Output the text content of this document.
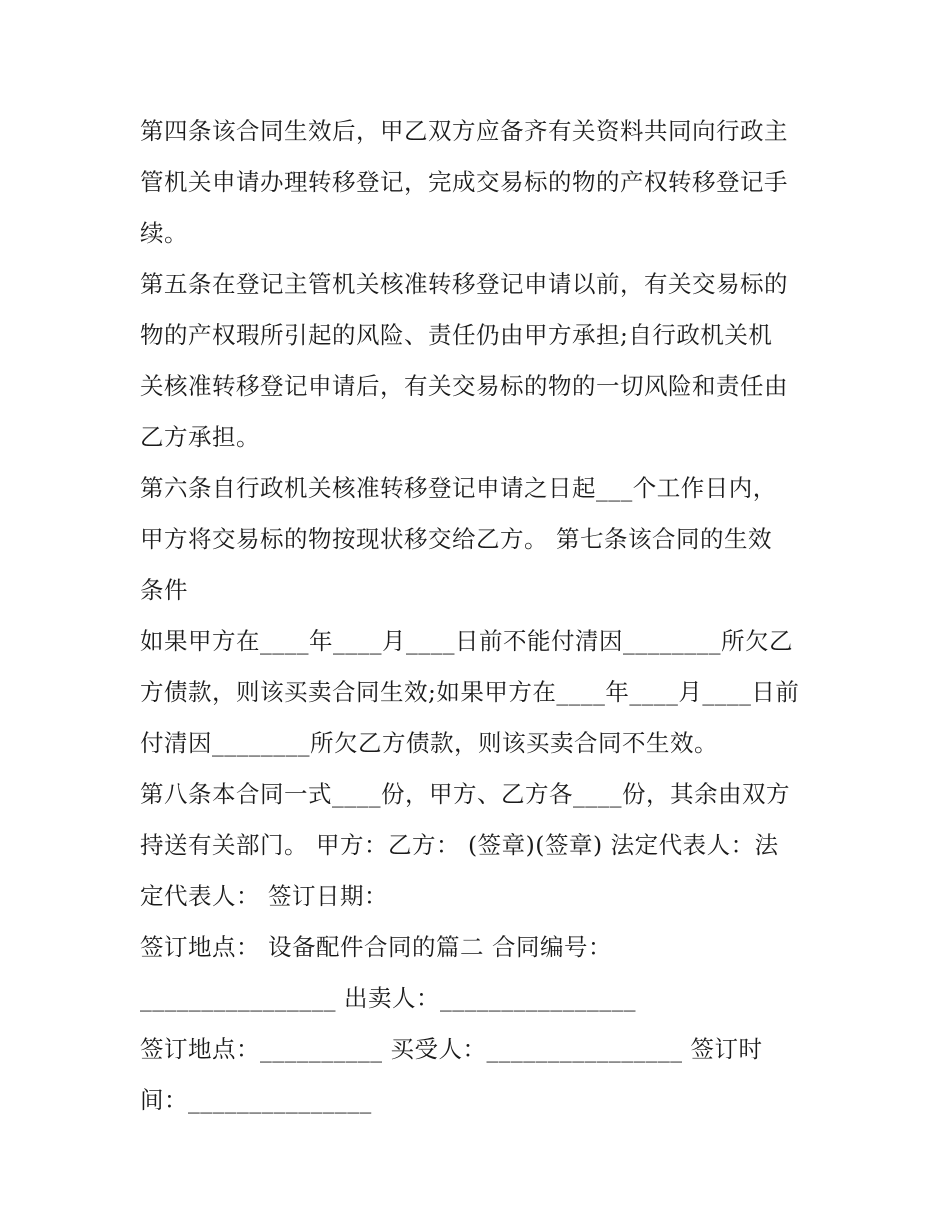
第四条该合同生效后，甲乙双方应备齐有关资料共同向行政主
管机关申请办理转移登记，完成交易标的物的产权转移登记手
续。
第五条在登记主管机关核准转移登记申请以前，有关交易标的
物的产权瑕所引起的风险、责任仍由甲方承担;自行政机关机
关核准转移登记申请后，有关交易标的物的一切风险和责任由
乙方承担。
第六条自行政机关核准转移登记申请之日起___个工作日内，
甲方将交易标的物按现状移交给乙方。 第七条该合同的生效
条件
如果甲方在____年____月____日前不能付清因________所欠乙
方债款，则该买卖合同生效;如果甲方在____年____月____日前
付清因________所欠乙方债款，则该买卖合同不生效。
第八条本合同一式____份，甲方、乙方各____份，其余由双方
持送有关部门。 甲方：乙方： (签章)(签章) 法定代表人：法
定代表人： 签订日期：
签订地点： 设备配件合同的篇二 合同编号：
________________ 出卖人：________________
签订地点：__________ 买受人：________________ 签订时
间：_______________
